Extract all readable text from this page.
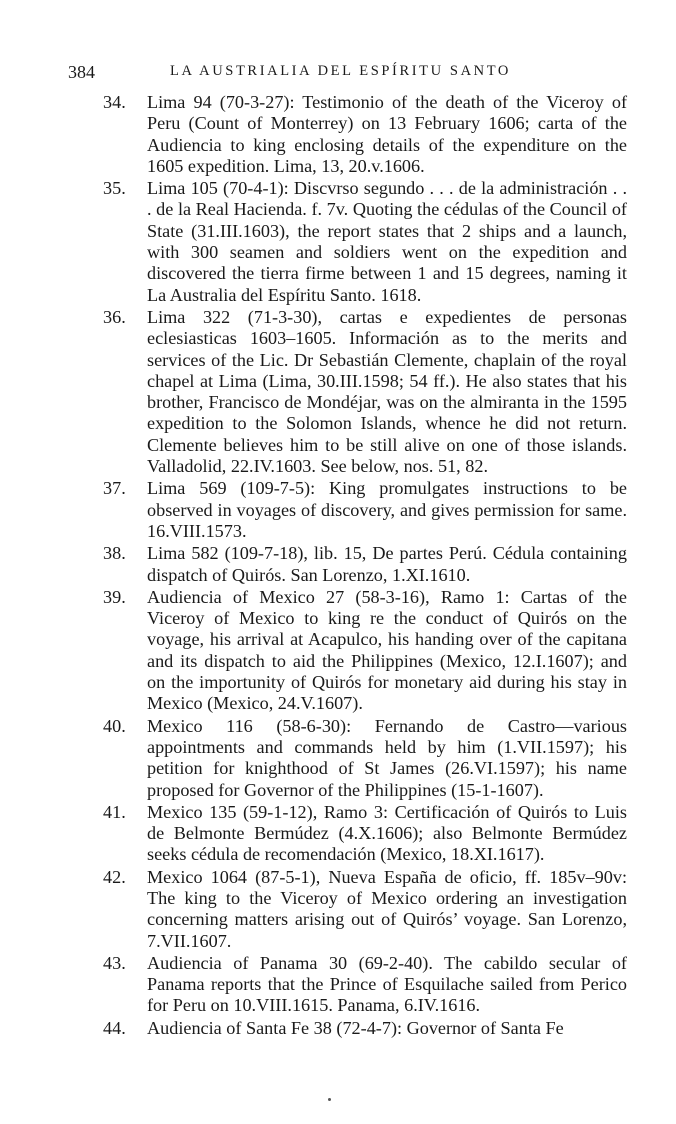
384	LA AUSTRIALIA DEL ESPÍRITU SANTO
34. Lima 94 (70-3-27): Testimonio of the death of the Viceroy of Peru (Count of Monterrey) on 13 February 1606; carta of the Audiencia to king enclosing details of the expenditure on the 1605 expedition. Lima, 13, 20.v.1606.
35. Lima 105 (70-4-1): Discvrso segundo . . . de la administración . . . de la Real Hacienda. f. 7v. Quoting the cédulas of the Council of State (31.III.1603), the report states that 2 ships and a launch, with 300 seamen and soldiers went on the expedition and discovered the tierra firme between 1 and 15 degrees, naming it La Australia del Espíritu Santo. 1618.
36. Lima 322 (71-3-30), cartas e expedientes de personas eclesiasticas 1603–1605. Información as to the merits and services of the Lic. Dr Sebastián Clemente, chaplain of the royal chapel at Lima (Lima, 30.III.1598; 54 ff.). He also states that his brother, Francisco de Mondéjar, was on the almiranta in the 1595 expedition to the Solomon Islands, whence he did not return. Clemente believes him to be still alive on one of those islands. Valladolid, 22.IV.1603. See below, nos. 51, 82.
37. Lima 569 (109-7-5): King promulgates instructions to be observed in voyages of discovery, and gives permission for same. 16.VIII.1573.
38. Lima 582 (109-7-18), lib. 15, De partes Perú. Cédula containing dispatch of Quirós. San Lorenzo, 1.XI.1610.
39. Audiencia of Mexico 27 (58-3-16), Ramo 1: Cartas of the Viceroy of Mexico to king re the conduct of Quirós on the voyage, his arrival at Acapulco, his handing over of the capitana and its dispatch to aid the Philippines (Mexico, 12.I.1607); and on the importunity of Quirós for monetary aid during his stay in Mexico (Mexico, 24.V.1607).
40. Mexico 116 (58-6-30): Fernando de Castro—various appointments and commands held by him (1.VII.1597); his petition for knighthood of St James (26.VI.1597); his name proposed for Governor of the Philippines (15-1-1607).
41. Mexico 135 (59-1-12), Ramo 3: Certificación of Quirós to Luis de Belmonte Bermúdez (4.X.1606); also Belmonte Bermúdez seeks cédula de recomendación (Mexico, 18.XI.1617).
42. Mexico 1064 (87-5-1), Nueva España de oficio, ff. 185v–90v: The king to the Viceroy of Mexico ordering an investigation concerning matters arising out of Quirós’ voyage. San Lorenzo, 7.VII.1607.
43. Audiencia of Panama 30 (69-2-40). The cabildo secular of Panama reports that the Prince of Esquilache sailed from Perico for Peru on 10.VIII.1615. Panama, 6.IV.1616.
44. Audiencia of Santa Fe 38 (72-4-7): Governor of Santa Fe
